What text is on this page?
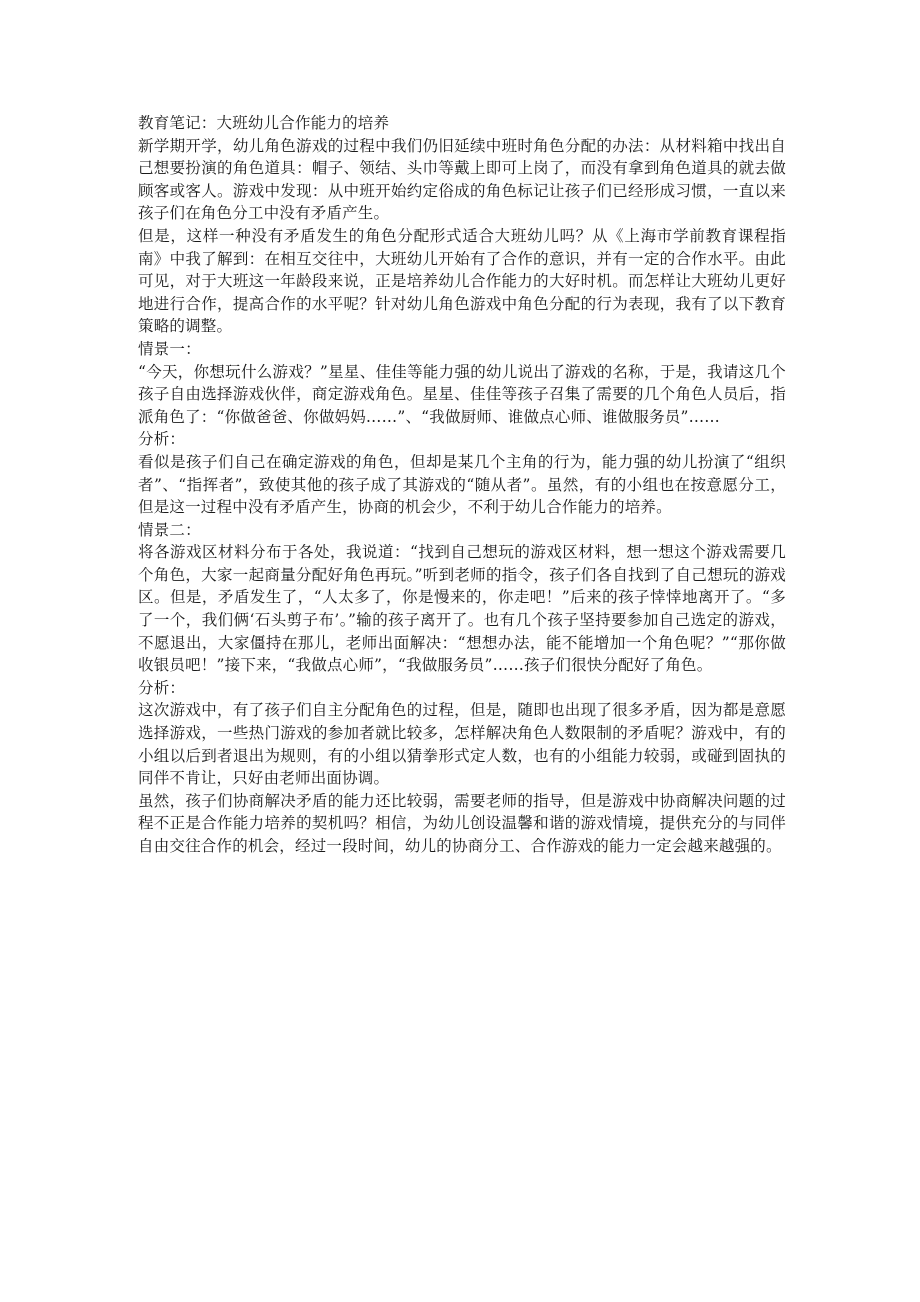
教育笔记：大班幼儿合作能力的培养

新学期开学，幼儿角色游戏的过程中我们仍旧延续中班时角色分配的办法：从材料箱中找出自己想要扮演的角色道具：帽子、领结、头巾等戴上即可上岗了，而没有拿到角色道具的就去做顾客或客人。游戏中发现：从中班开始约定俗成的角色标记让孩子们已经形成习惯，一直以来孩子们在角色分工中没有矛盾产生。

但是，这样一种没有矛盾发生的角色分配形式适合大班幼儿吗？从《上海市学前教育课程指南》中我了解到：在相互交往中，大班幼儿开始有了合作的意识，并有一定的合作水平。由此可见，对于大班这一年龄段来说，正是培养幼儿合作能力的大好时机。而怎样让大班幼儿更好地进行合作，提高合作的水平呢？针对幼儿角色游戏中角色分配的行为表现，我有了以下教育策略的调整。

情景一：

“今天，你想玩什么游戏？”星星、佳佳等能力强的幼儿说出了游戏的名称，于是，我请这几个孩子自由选择游戏伙伴，商定游戏角色。星星、佳佳等孩子召集了需要的几个角色人员后，指派角色了：“你做爸爸、你做妈妈……”、“我做厨师、谁做点心师、谁做服务员”……

分析：

看似是孩子们自己在确定游戏的角色，但却是某几个主角的行为，能力强的幼儿扮演了“组织者”、“指挥者”，致使其他的孩子成了其游戏的“随从者”。虽然，有的小组也在按意愿分工，但是这一过程中没有矛盾产生，协商的机会少，不利于幼儿合作能力的培养。

情景二：

将各游戏区材料分布于各处，我说道：“找到自己想玩的游戏区材料，想一想这个游戏需要几个角色，大家一起商量分配好角色再玩。”听到老师的指令，孩子们各自找到了自己想玩的游戏区。但是，矛盾发生了，“人太多了，你是慢来的，你走吧！”后来的孩子悻悻地离开了。“多了一个，我们俩‘石头剪子布’。”输的孩子离开了。也有几个孩子坚持要参加自己选定的游戏，不愿退出，大家僵持在那儿，老师出面解决：“想想办法，能不能增加一个角色呢？”“那你做收银员吧！”接下来，“我做点心师”，“我做服务员”……孩子们很快分配好了角色。

分析：

这次游戏中，有了孩子们自主分配角色的过程，但是，随即也出现了很多矛盾，因为都是意愿选择游戏，一些热门游戏的参加者就比较多，怎样解决角色人数限制的矛盾呢？游戏中，有的小组以后到者退出为规则，有的小组以猜拳形式定人数，也有的小组能力较弱，或碰到固执的同伴不肯让，只好由老师出面协调。

虽然，孩子们协商解决矛盾的能力还比较弱，需要老师的指导，但是游戏中协商解决问题的过程不正是合作能力培养的契机吗？相信，为幼儿创设温馨和谐的游戏情境，提供充分的与同伴自由交往合作的机会，经过一段时间，幼儿的协商分工、合作游戏的能力一定会越来越强的。
